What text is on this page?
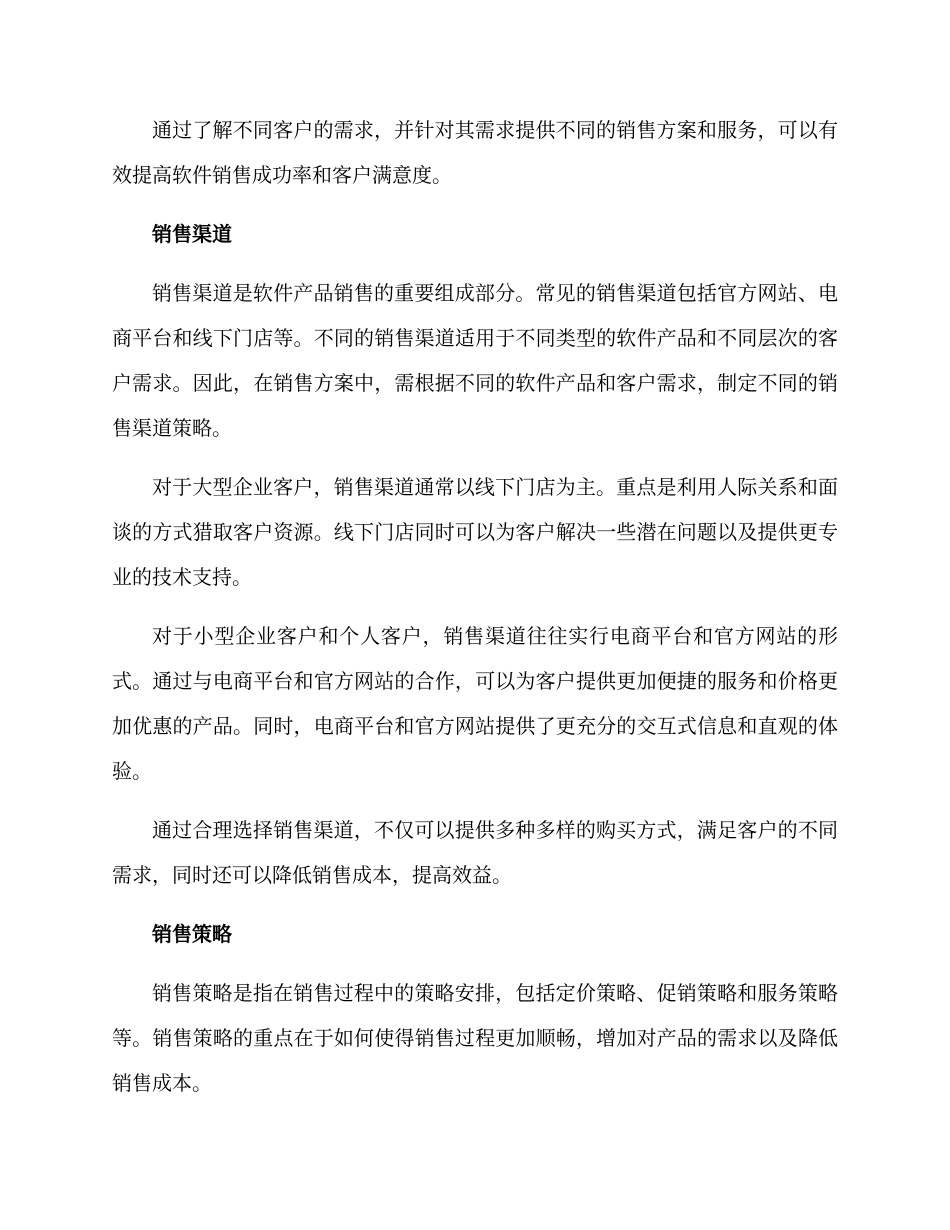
通过了解不同客户的需求，并针对其需求提供不同的销售方案和服务，可以有效提高软件销售成功率和客户满意度。

销售渠道

销售渠道是软件产品销售的重要组成部分。常见的销售渠道包括官方网站、电商平台和线下门店等。不同的销售渠道适用于不同类型的软件产品和不同层次的客户需求。因此，在销售方案中，需根据不同的软件产品和客户需求，制定不同的销售渠道策略。

对于大型企业客户，销售渠道通常以线下门店为主。重点是利用人际关系和面谈的方式猎取客户资源。线下门店同时可以为客户解决一些潜在问题以及提供更专业的技术支持。

对于小型企业客户和个人客户，销售渠道往往实行电商平台和官方网站的形式。通过与电商平台和官方网站的合作，可以为客户提供更加便捷的服务和价格更加优惠的产品。同时，电商平台和官方网站提供了更充分的交互式信息和直观的体验。

通过合理选择销售渠道，不仅可以提供多种多样的购买方式，满足客户的不同需求，同时还可以降低销售成本，提高效益。

销售策略

销售策略是指在销售过程中的策略安排，包括定价策略、促销策略和服务策略等。销售策略的重点在于如何使得销售过程更加顺畅，增加对产品的需求以及降低销售成本。
